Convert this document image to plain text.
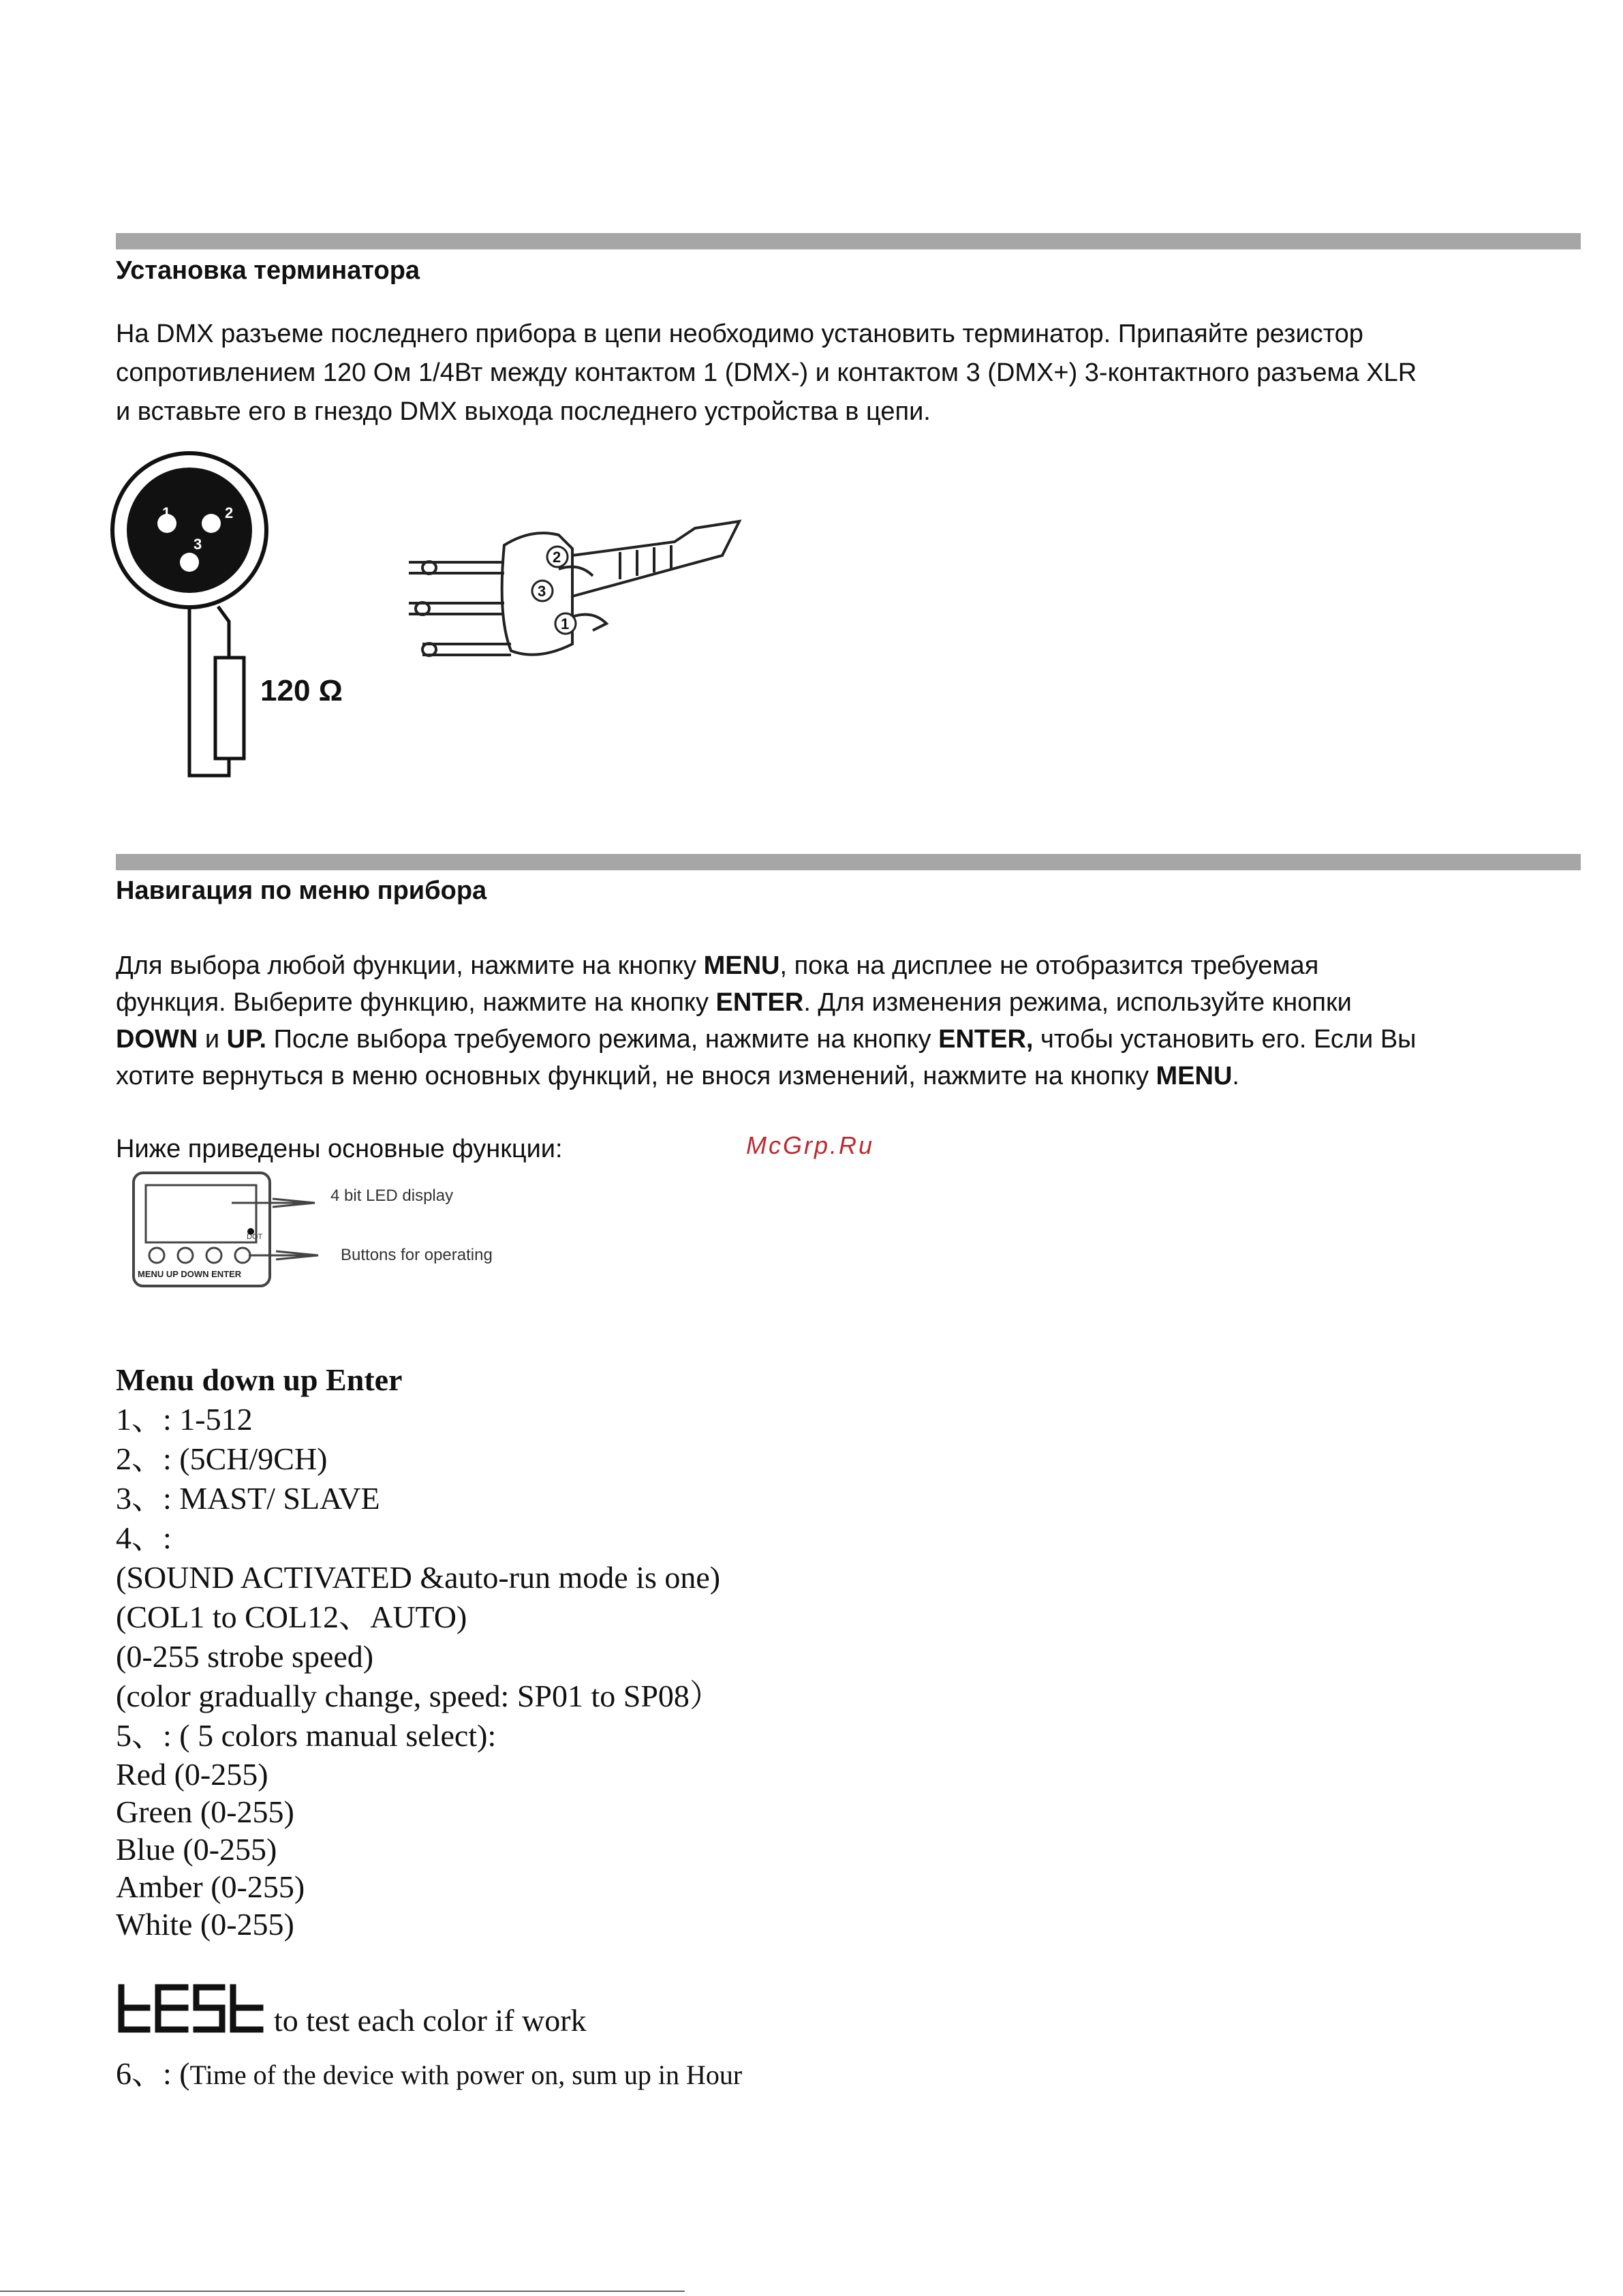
Установка терминатора
На DMX разъеме последнего прибора в цепи необходимо установить терминатор. Припаяйте резистор
сопротивлением 120 Ом 1/4Вт между контактом 1 (DMX-) и контактом 3 (DMX+) 3-контактного разъема XLR
и вставьте его в гнездо DMX выхода последнего устройства в цепи.
1	2
3
120 Ω
2
3
1
Навигация по меню прибора
Для выбора любой функции, нажмите на кнопку MENU, пока на дисплее не отобразится требуемая
функция. Выберите функцию, нажмите на кнопку ENTER. Для изменения режима, используйте кнопки
DOWN и UP. После выбора требуемого режима, нажмите на кнопку ENTER, чтобы установить его. Если Вы
хотите вернуться в меню основных функций, не внося изменений, нажмите на кнопку MENU.
Ниже приведены основные функции:	McGrp.Ru
DOT
MENU UP DOWN ENTER
4 bit LED display
Buttons for operating
Menu down up Enter
1、: 1-512
2、: (5CH/9CH)
3、: MAST/ SLAVE
4、:
(SOUND ACTIVATED &auto-run mode is one)
(COL1 to COL12、AUTO)
(0-255 strobe speed)
(color gradually change, speed: SP01 to SP08）
5、: ( 5 colors manual select):
Red (0-255)
Green (0-255)
Blue (0-255)
Amber (0-255)
White (0-255)
to test each color if work
6、: (Time of the device with power on, sum up in Hour
